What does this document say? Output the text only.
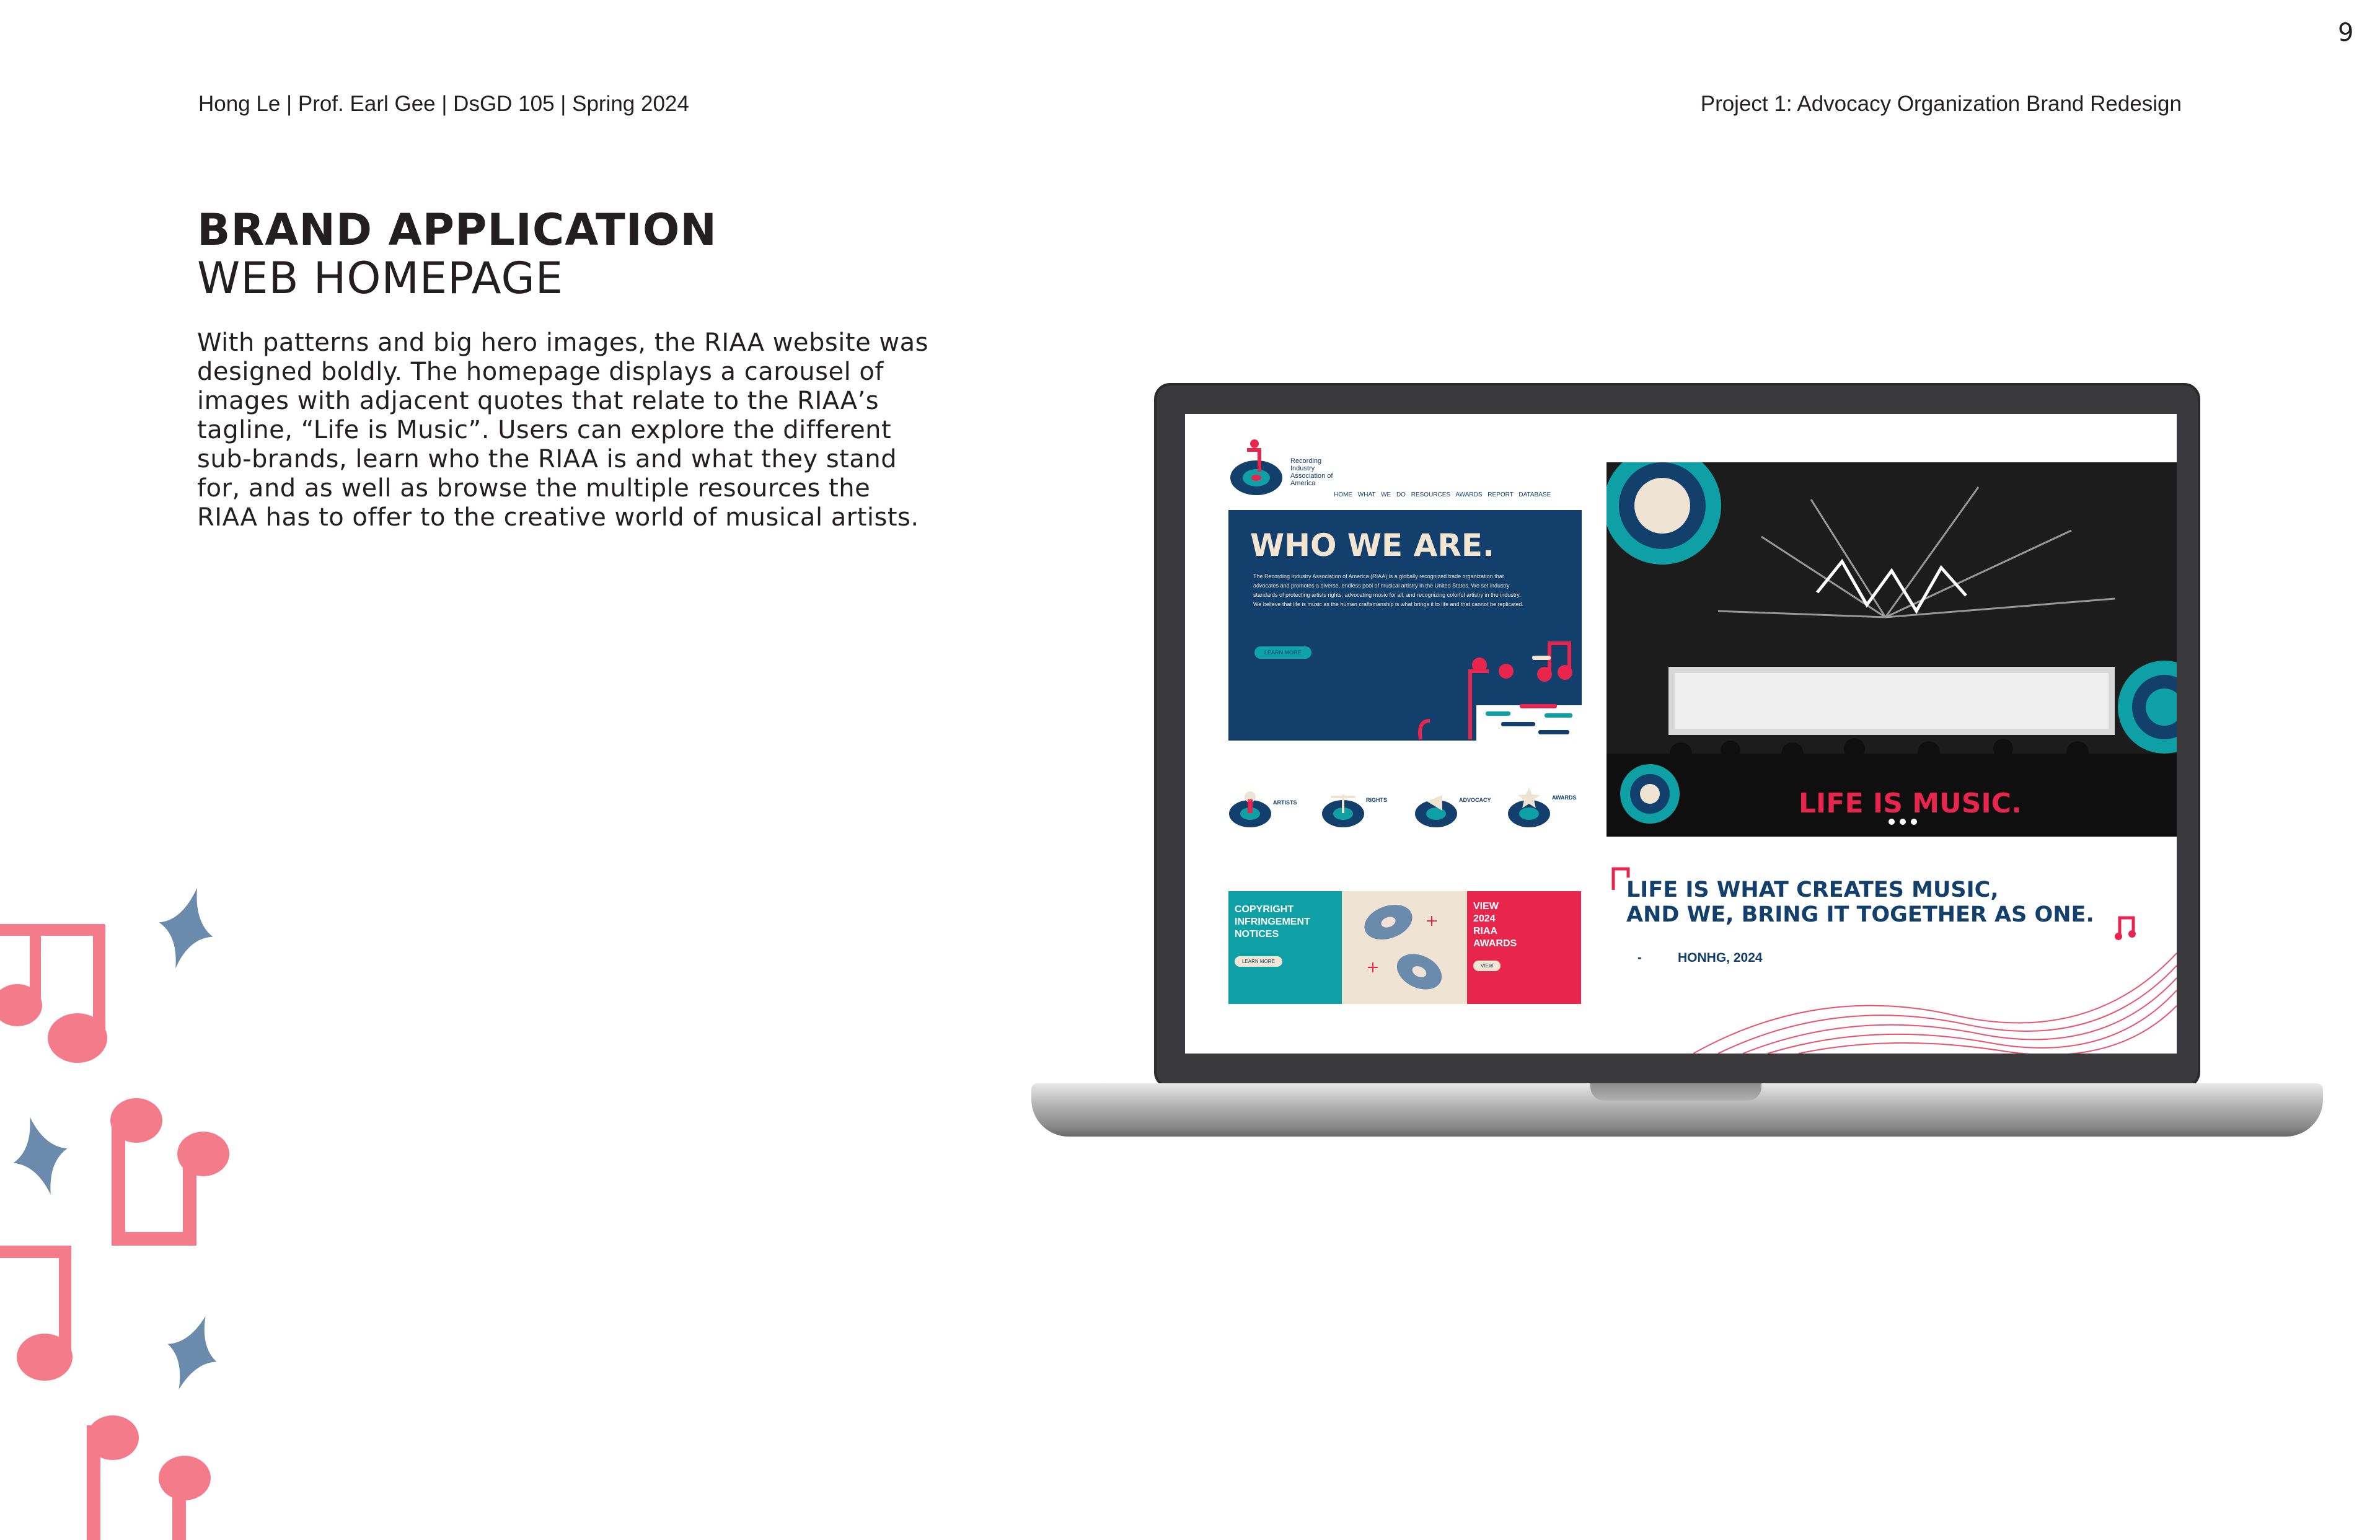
9
Hong Le | Prof. Earl Gee | DsGD 105 | Spring 2024	Project 1: Advocacy Organization Brand Redesign
BRAND APPLICATION
WEB HOMEPAGE
With patterns and big hero images, the RIAA website was
designed boldly. The homepage displays a carousel of
images with adjacent quotes that relate to the RIAA’s
tagline, “Life is Music”. Users can explore the different
sub-brands, learn who the RIAA is and what they stand
for, and as well as browse the multiple resources the
RIAA has to offer to the creative world of musical artists.
Recording
Industry
Association of
America
HOME WHAT WE DO RESOURCES AWARDS REPORT DATABASE
WHO WE ARE.
The Recording Industry Association of America (RIAA) is a globally recognized trade organization that advocates and promotes a diverse, endless pool of musical artistry in the United States. We set industry standards of protecting artists rights, advocating music for all, and recognizing colorful artistry in the industry. We believe that life is music as the human craftsmanship is what brings it to life and that cannot be replicated.
LEARN MORE
LIFE IS MUSIC.
ARTISTS	RIGHTS	ADVOCACY	AWARDS
COPYRIGHT
INFRINGEMENT
NOTICES
LEARN MORE
VIEW
2024
RIAA
AWARDS
VIEW
LIFE IS WHAT CREATES MUSIC,
AND WE, BRING IT TOGETHER AS ONE.
-	HONHG, 2024
